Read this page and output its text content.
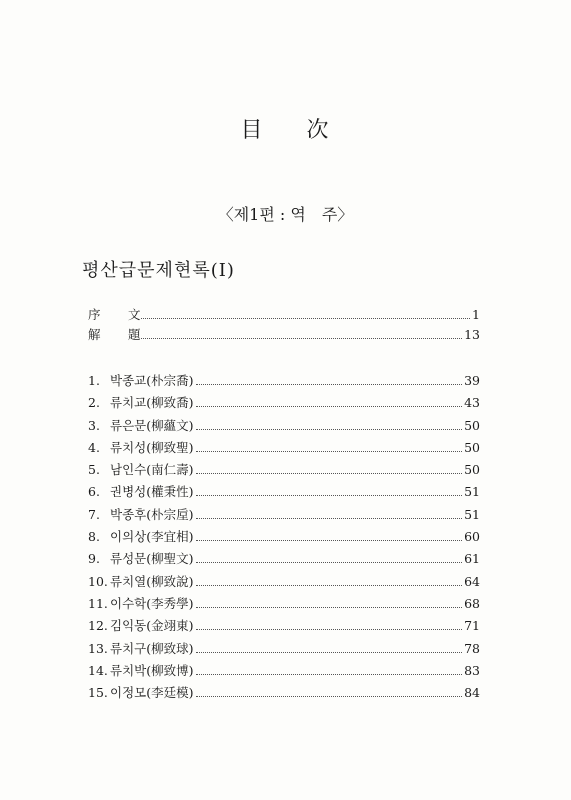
目 次
〈제1편 : 역　주〉
평산급문제현록(Ⅰ)
序 文	1
解 題	13
1. 박종교(朴宗喬)	39
2. 류치교(柳致喬)	43
3. 류은문(柳蘊文)	50
4. 류치성(柳致聖)	50
5. 남인수(南仁壽)	50
6. 권병성(權秉性)	51
7. 박종후(朴宗垕)	51
8. 이의상(李宜相)	60
9. 류성문(柳聖文)	61
10. 류치열(柳致說)	64
11. 이수학(李秀學)	68
12. 김익동(金翊東)	71
13. 류치구(柳致球)	78
14. 류치박(柳致博)	83
15. 이정모(李廷模)	84
